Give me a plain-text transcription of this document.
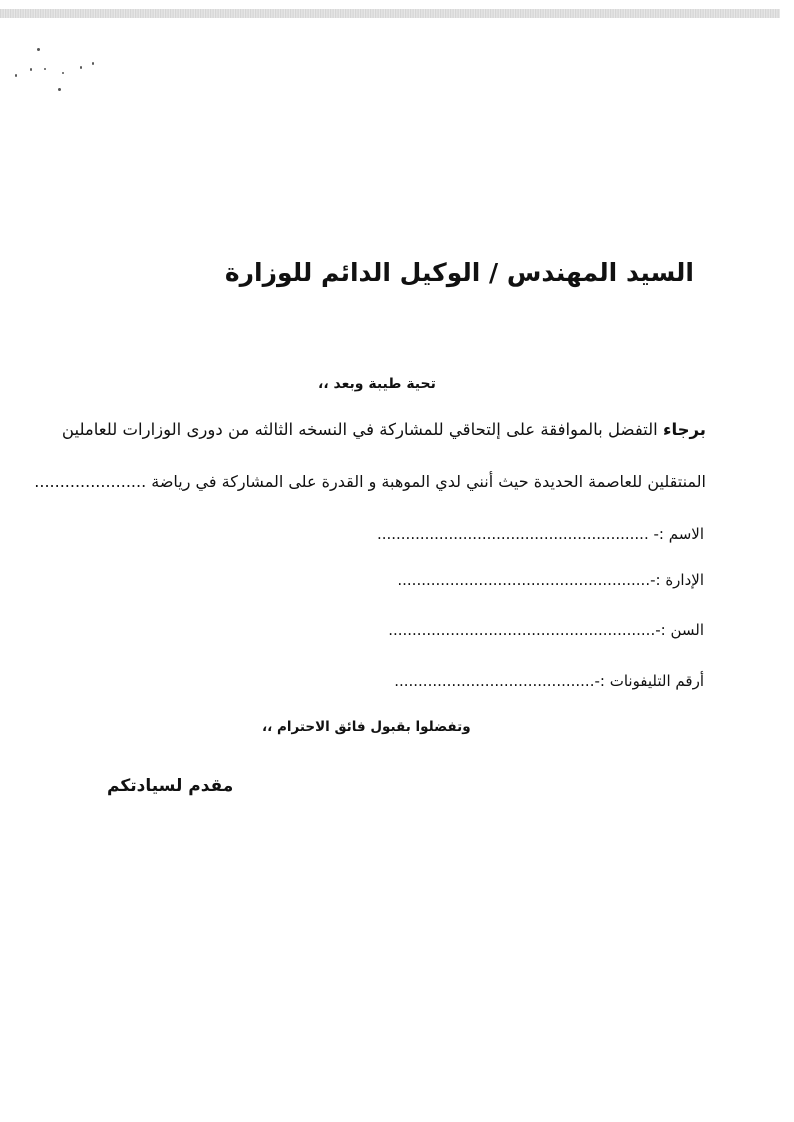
السيد المهندس / الوكيل الدائم للوزارة
تحية طيبة وبعد ،،
برجاء التفضل بالموافقة على إلتحاقي للمشاركة في النسخه الثالثه من دورى الوزارات للعاملين
المنتقلين للعاصمة الحديدة حيث أنني لدي الموهبة و القدرة على المشاركة في رياضة ......................
الاسم :- .........................................................
الإدارة :-.....................................................
السن :-........................................................
أرقم التليفونات :-..........................................
وتفضلوا بقبول فائق الاحترام ،،
مقدم لسيادتكم
